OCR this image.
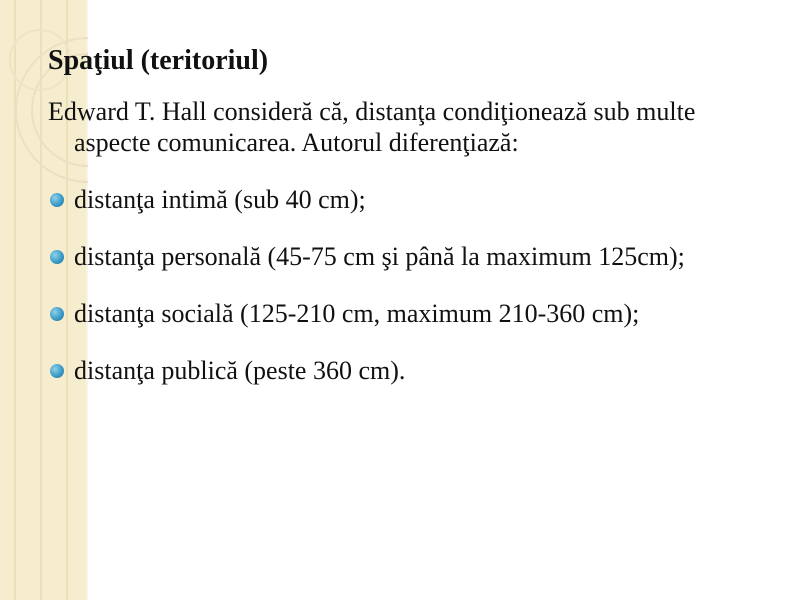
Spaţiul (teritoriul)
Edward T. Hall consideră că, distanţa condiţionează sub multe aspecte comunicarea. Autorul diferenţiază:
distanţa intimă (sub 40 cm);
distanţa personală (45-75 cm şi până la maximum 125cm);
distanţa socială (125-210 cm, maximum 210-360 cm);
distanţa publică (peste 360 cm).
